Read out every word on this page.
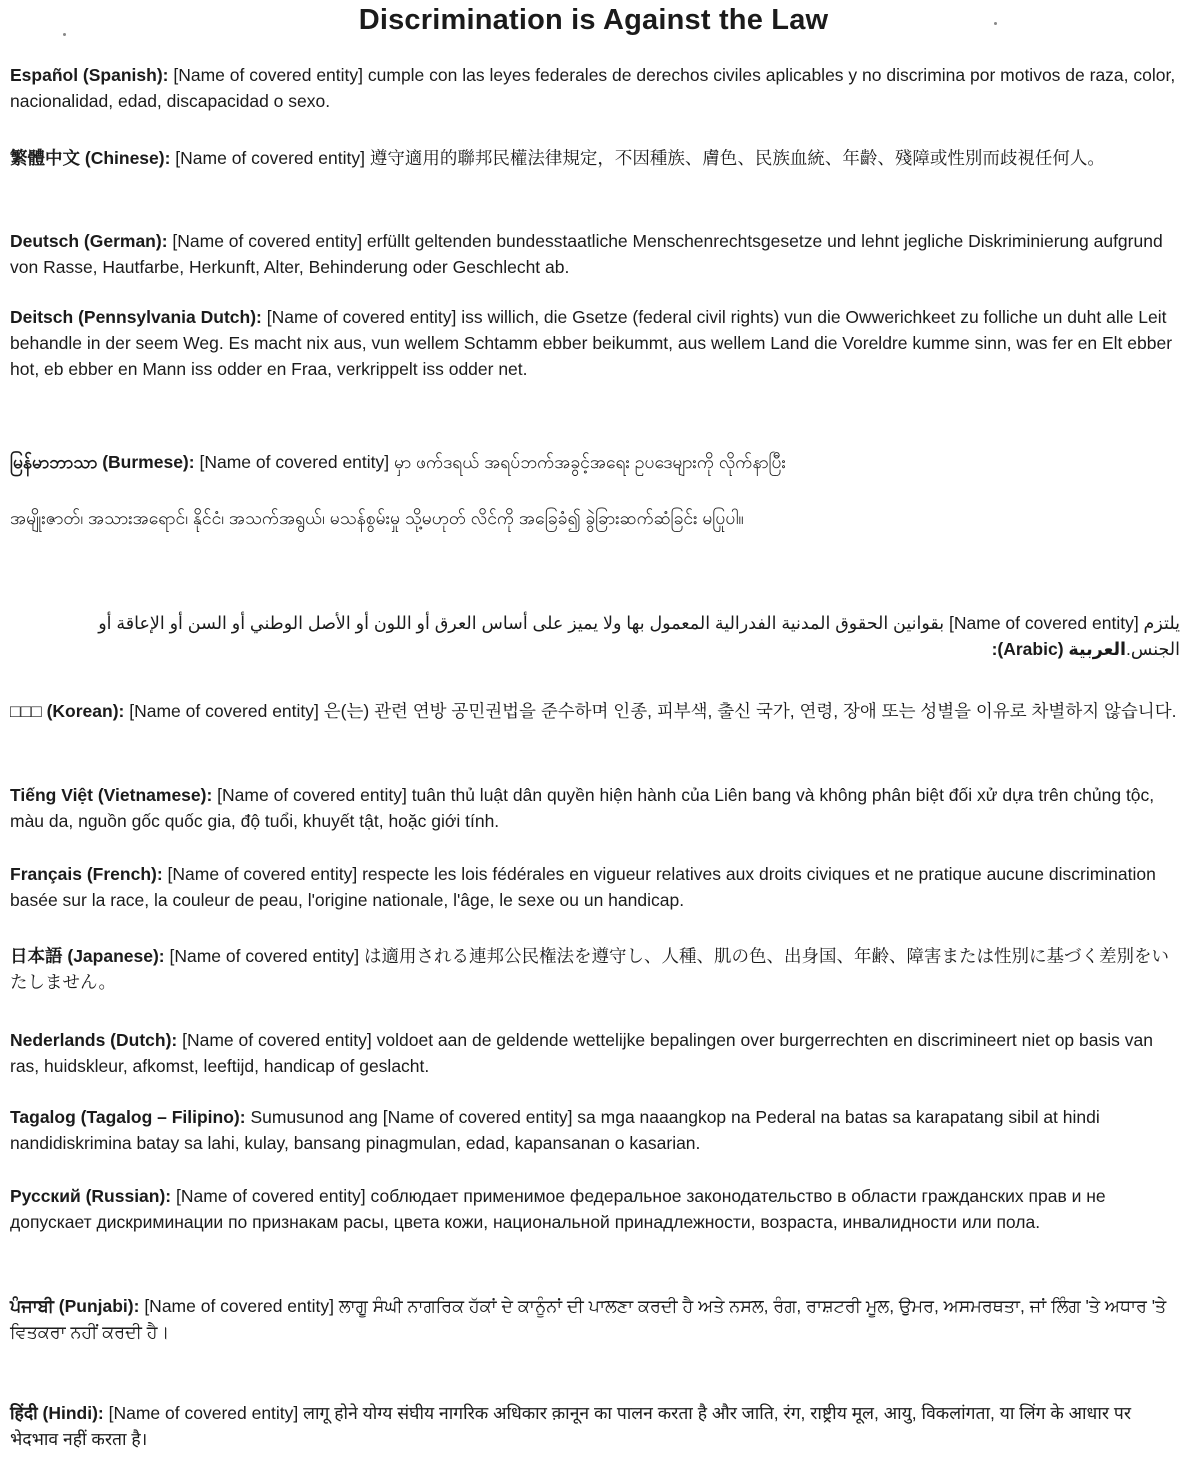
Discrimination is Against the Law
Español (Spanish): [Name of covered entity] cumple con las leyes federales de derechos civiles aplicables y no discrimina por motivos de raza, color, nacionalidad, edad, discapacidad o sexo.
繁體中文 (Chinese): [Name of covered entity] 遵守適用的聯邦民權法律規定，不因種族、膚色、民族血統、年齡、殘障或性別而歧視任何人。
Deutsch (German): [Name of covered entity] erfüllt geltenden bundesstaatliche Menschenrechtsgesetze und lehnt jegliche Diskriminierung aufgrund von Rasse, Hautfarbe, Herkunft, Alter, Behinderung oder Geschlecht ab.
Deitsch (Pennsylvania Dutch): [Name of covered entity] iss willich, die Gsetze (federal civil rights) vun die Owwerichkeet zu folliche un duht alle Leit behandle in der seem Weg. Es macht nix aus, vun wellem Schtamm ebber beikummt, aus wellem Land die Voreldre kumme sinn, was fer en Elt ebber hot, eb ebber en Mann iss odder en Fraa, verkrippelt iss odder net.
မြန်မာဘာသာ (Burmese): [Name of covered entity] မှာ ဖက်ဒရယ် အရပ်ဘက်အခွင့်အရေး ဥပဒေများကို လိုက်နာပြီး
အမျိုးဇာတ်၊ အသားအရောင်၊ နိုင်ငံ၊ အသက်အရွယ်၊ မသန်စွမ်းမှု သို့မဟုတ် လိင်ကို အခြေခံ၍ ခွဲခြားဆက်ဆံခြင်း မပြုပါ။
يلتزم [Name of covered entity] بقوانين الحقوق المدنية الفدرالية المعمول بها ولا يميز على أساس العرق أو اللون أو الأصل الوطني أو السن أو الإعاقة أو الجنس.العربية (Arabic):
□□□ (Korean): [Name of covered entity] 은(는) 관련 연방 공민권법을 준수하며 인종, 피부색, 출신 국가, 연령, 장애 또는 성별을 이유로 차별하지 않습니다.
Tiếng Việt (Vietnamese): [Name of covered entity] tuân thủ luật dân quyền hiện hành của Liên bang và không phân biệt đối xử dựa trên chủng tộc, màu da, nguồn gốc quốc gia, độ tuổi, khuyết tật, hoặc giới tính.
Français (French): [Name of covered entity] respecte les lois fédérales en vigueur relatives aux droits civiques et ne pratique aucune discrimination basée sur la race, la couleur de peau, l'origine nationale, l'âge, le sexe ou un handicap.
日本語 (Japanese): [Name of covered entity] は適用される連邦公民権法を遵守し、人種、肌の色、出身国、年齢、障害または性別に基づく差別をいたしません。
Nederlands (Dutch): [Name of covered entity] voldoet aan de geldende wettelijke bepalingen over burgerrechten en discrimineert niet op basis van ras, huidskleur, afkomst, leeftijd, handicap of geslacht.
Tagalog (Tagalog – Filipino): Sumusunod ang [Name of covered entity] sa mga naaangkop na Pederal na batas sa karapatang sibil at hindi nandidiskrimina batay sa lahi, kulay, bansang pinagmulan, edad, kapansanan o kasarian.
Русский (Russian): [Name of covered entity] соблюдает применимое федеральное законодательство в области гражданских прав и не допускает дискриминации по признакам расы, цвета кожи, национальной принадлежности, возраста, инвалидности или пола.
ਪੰਜਾਬੀ (Punjabi): [Name of covered entity] ਲਾਗੂ ਸੰਘੀ ਨਾਗਰਿਕ ਹੱਕਾਂ ਦੇ ਕਾਨੂੰਨਾਂ ਦੀ ਪਾਲਣਾ ਕਰਦੀ ਹੈ ਅਤੇ ਨਸਲ, ਰੰਗ, ਰਾਸ਼ਟਰੀ ਮੂਲ, ਉਮਰ, ਅਸਮਰਥਤਾ, ਜਾਂ ਲਿੰਗ 'ਤੇ ਅਧਾਰ 'ਤੇ ਵਿਤਕਰਾ ਨਹੀਂ ਕਰਦੀ ਹੈ।
हिंदी (Hindi): [Name of covered entity] लागू होने योग्य संघीय नागरिक अधिकार क़ानून का पालन करता है और जाति, रंग, राष्ट्रीय मूल, आयु, विकलांगता, या लिंग के आधार पर भेदभाव नहीं करता है।
